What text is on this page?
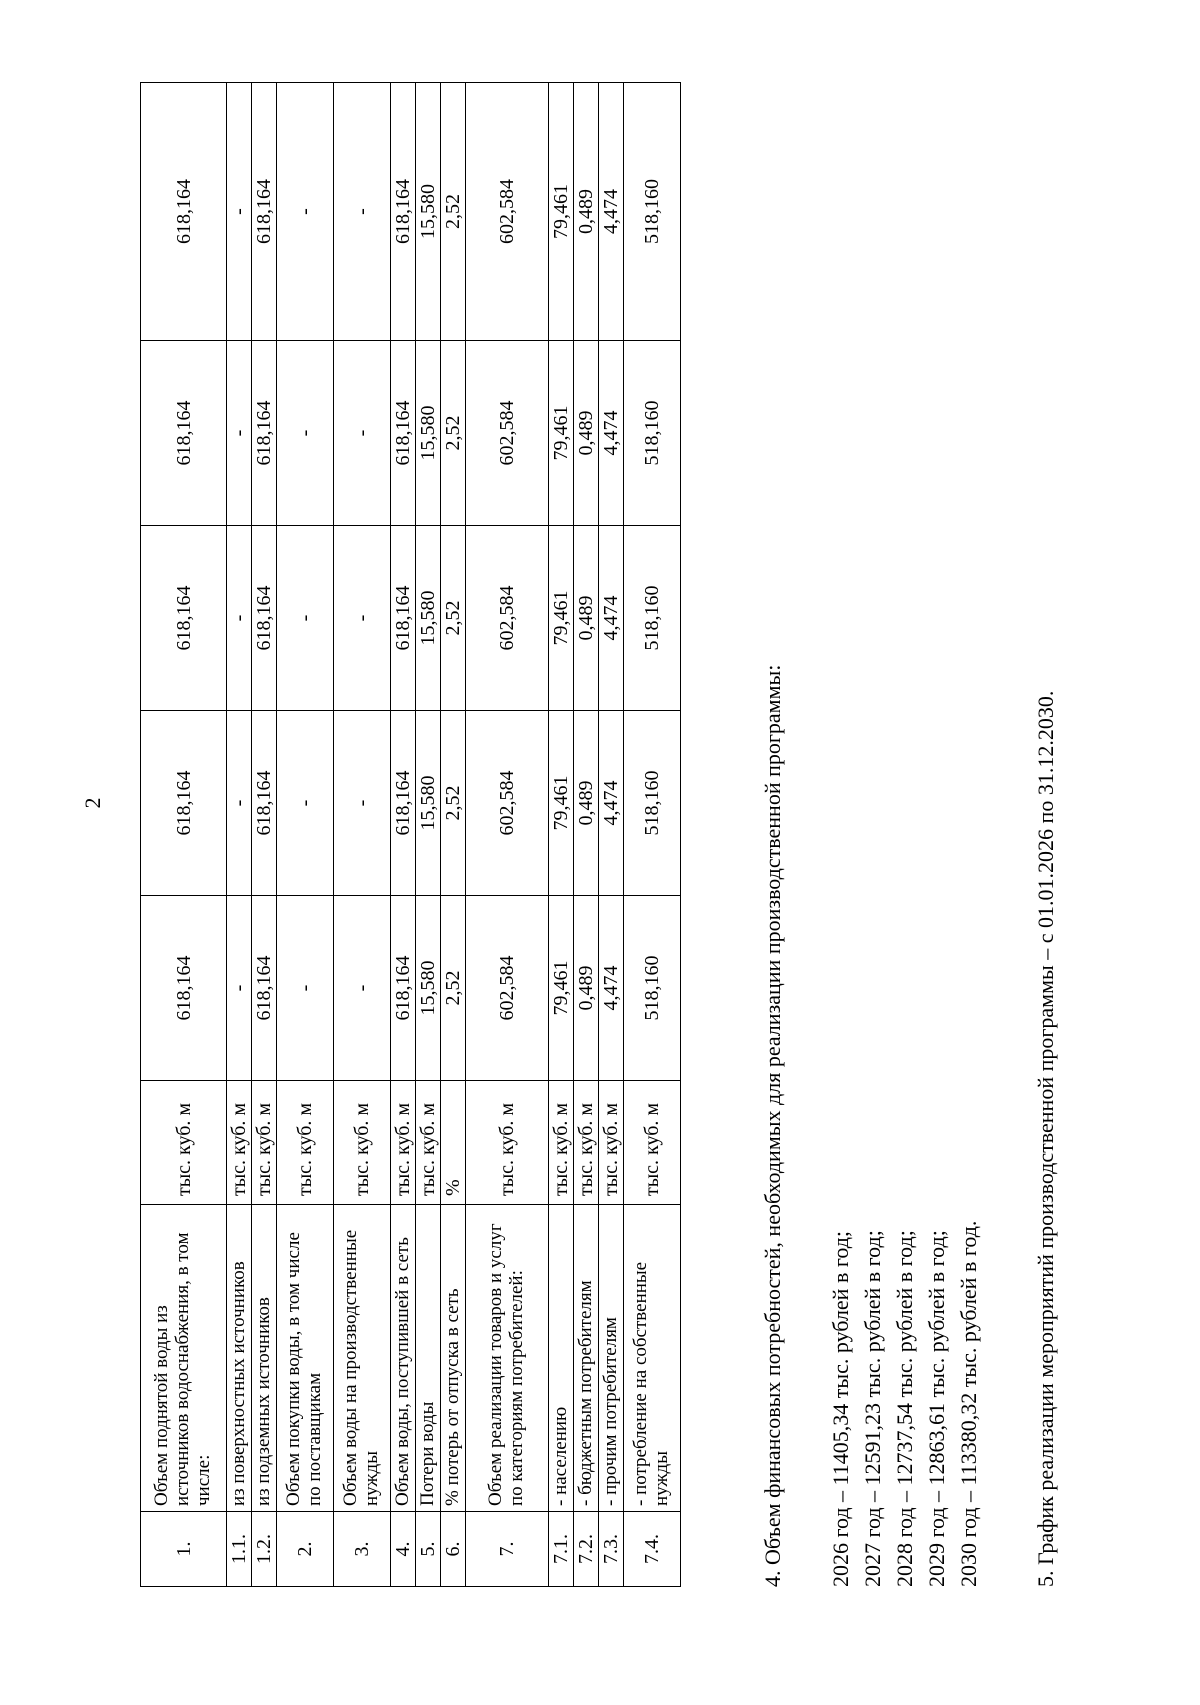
2
1.	Объем поднятой воды из источников водоснабжения, в том числе:	тыс. куб. м	618,164	618,164	618,164	618,164	618,164
1.1.	из поверхностных источников	тыс. куб. м	-	-	-	-	-
1.2.	из подземных источников	тыс. куб. м	618,164	618,164	618,164	618,164	618,164
2.	Объем покупки воды, в том числе по поставщикам	тыс. куб. м	-	-	-	-	-
3.	Объем воды на производственные нужды	тыс. куб. м	-	-	-	-	-
4.	Объем воды, поступившей в сеть	тыс. куб. м	618,164	618,164	618,164	618,164	618,164
5.	Потери воды	тыс. куб. м	15,580	15,580	15,580	15,580	15,580
6.	% потерь от отпуска в сеть	%	2,52	2,52	2,52	2,52	2,52
7.	Объем реализации товаров и услуг по категориям потребителей:	тыс. куб. м	602,584	602,584	602,584	602,584	602,584
7.1.	- населению	тыс. куб. м	79,461	79,461	79,461	79,461	79,461
7.2.	- бюджетным потребителям	тыс. куб. м	0,489	0,489	0,489	0,489	0,489
7.3.	- прочим потребителям	тыс. куб. м	4,474	4,474	4,474	4,474	4,474
7.4.	- потребление на собственные нужды	тыс. куб. м	518,160	518,160	518,160	518,160	518,160
4. Объем финансовых потребностей, необходимых для реализации производственной программы: 2026 год – 11405,34 тыс. рублей в год; 2027 год – 12591,23 тыс. рублей в год; 2028 год – 12737,54 тыс. рублей в год; 2029 год – 12863,61 тыс. рублей в год; 2030 год – 113380,32 тыс. рублей в год. 5. График реализации мероприятий производственной программы – с 01.01.2026 по 31.12.2030.
